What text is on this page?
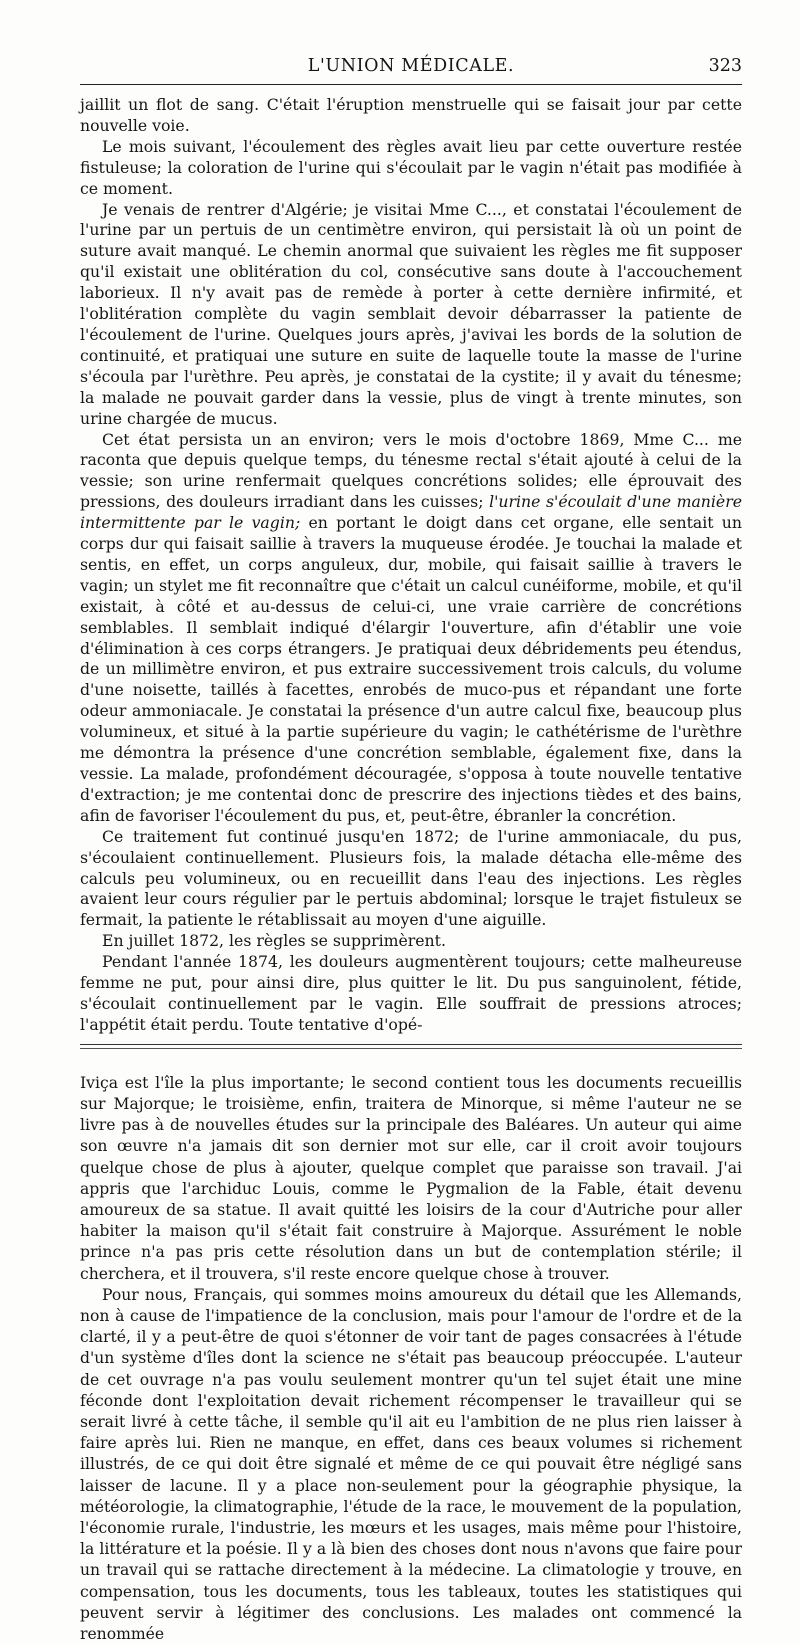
L'UNION MÉDICALE.	323

jaillit un flot de sang. C'était l'éruption menstruelle qui se faisait jour par cette nouvelle voie.

Le mois suivant, l'écoulement des règles avait lieu par cette ouverture restée fistuleuse; la coloration de l'urine qui s'écoulait par le vagin n'était pas modifiée à ce moment.

Je venais de rentrer d'Algérie; je visitai Mme C..., et constatai l'écoulement de l'urine par un pertuis de un centimètre environ, qui persistait là où un point de suture avait manqué. Le chemin anormal que suivaient les règles me fit supposer qu'il existait une oblitération du col, consécutive sans doute à l'accouchement laborieux. Il n'y avait pas de remède à porter à cette dernière infirmité, et l'oblitération complète du vagin semblait devoir débarrasser la patiente de l'écoulement de l'urine. Quelques jours après, j'avivai les bords de la solution de continuité, et pratiquai une suture en suite de laquelle toute la masse de l'urine s'écoula par l'urèthre. Peu après, je constatai de la cystite; il y avait du ténesme; la malade ne pouvait garder dans la vessie, plus de vingt à trente minutes, son urine chargée de mucus.

Cet état persista un an environ; vers le mois d'octobre 1869, Mme C... me raconta que depuis quelque temps, du ténesme rectal s'était ajouté à celui de la vessie; son urine renfermait quelques concrétions solides; elle éprouvait des pressions, des douleurs irradiant dans les cuisses; l'urine s'écoulait d'une manière intermittente par le vagin; en portant le doigt dans cet organe, elle sentait un corps dur qui faisait saillie à travers la muqueuse érodée. Je touchai la malade et sentis, en effet, un corps anguleux, dur, mobile, qui faisait saillie à travers le vagin; un stylet me fit reconnaître que c'était un calcul cunéiforme, mobile, et qu'il existait, à côté et au-dessus de celui-ci, une vraie carrière de concrétions semblables. Il semblait indiqué d'élargir l'ouverture, afin d'établir une voie d'élimination à ces corps étrangers. Je pratiquai deux débridements peu étendus, de un millimètre environ, et pus extraire successivement trois calculs, du volume d'une noisette, taillés à facettes, enrobés de muco-pus et répandant une forte odeur ammoniacale. Je constatai la présence d'un autre calcul fixe, beaucoup plus volumineux, et situé à la partie supérieure du vagin; le cathétérisme de l'urèthre me démontra la présence d'une concrétion semblable, également fixe, dans la vessie. La malade, profondément découragée, s'opposa à toute nouvelle tentative d'extraction; je me contentai donc de prescrire des injections tièdes et des bains, afin de favoriser l'écoulement du pus, et, peut-être, ébranler la concrétion.

Ce traitement fut continué jusqu'en 1872; de l'urine ammoniacale, du pus, s'écoulaient continuellement. Plusieurs fois, la malade détacha elle-même des calculs peu volumineux, ou en recueillit dans l'eau des injections. Les règles avaient leur cours régulier par le pertuis abdominal; lorsque le trajet fistuleux se fermait, la patiente le rétablissait au moyen d'une aiguille.

En juillet 1872, les règles se supprimèrent.

Pendant l'année 1874, les douleurs augmentèrent toujours; cette malheureuse femme ne put, pour ainsi dire, plus quitter le lit. Du pus sanguinolent, fétide, s'écoulait continuellement par le vagin. Elle souffrait de pressions atroces; l'appétit était perdu. Toute tentative d'opé-

Iviça est l'île la plus importante; le second contient tous les documents recueillis sur Majorque; le troisième, enfin, traitera de Minorque, si même l'auteur ne se livre pas à de nouvelles études sur la principale des Baléares. Un auteur qui aime son œuvre n'a jamais dit son dernier mot sur elle, car il croit avoir toujours quelque chose de plus à ajouter, quelque complet que paraisse son travail. J'ai appris que l'archiduc Louis, comme le Pygmalion de la Fable, était devenu amoureux de sa statue. Il avait quitté les loisirs de la cour d'Autriche pour aller habiter la maison qu'il s'était fait construire à Majorque. Assurément le noble prince n'a pas pris cette résolution dans un but de contemplation stérile; il cherchera, et il trouvera, s'il reste encore quelque chose à trouver.

Pour nous, Français, qui sommes moins amoureux du détail que les Allemands, non à cause de l'impatience de la conclusion, mais pour l'amour de l'ordre et de la clarté, il y a peut-être de quoi s'étonner de voir tant de pages consacrées à l'étude d'un système d'îles dont la science ne s'était pas beaucoup préoccupée. L'auteur de cet ouvrage n'a pas voulu seulement montrer qu'un tel sujet était une mine féconde dont l'exploitation devait richement récompenser le travailleur qui se serait livré à cette tâche, il semble qu'il ait eu l'ambition de ne plus rien laisser à faire après lui. Rien ne manque, en effet, dans ces beaux volumes si richement illustrés, de ce qui doit être signalé et même de ce qui pouvait être négligé sans laisser de lacune. Il y a place non-seulement pour la géographie physique, la météorologie, la climatographie, l'étude de la race, le mouvement de la population, l'économie rurale, l'industrie, les mœurs et les usages, mais même pour l'histoire, la littérature et la poésie. Il y a là bien des choses dont nous n'avons que faire pour un travail qui se rattache directement à la médecine. La climatologie y trouve, en compensation, tous les documents, tous les tableaux, toutes les statistiques qui peuvent servir à légitimer des conclusions. Les malades ont commencé la renommée
